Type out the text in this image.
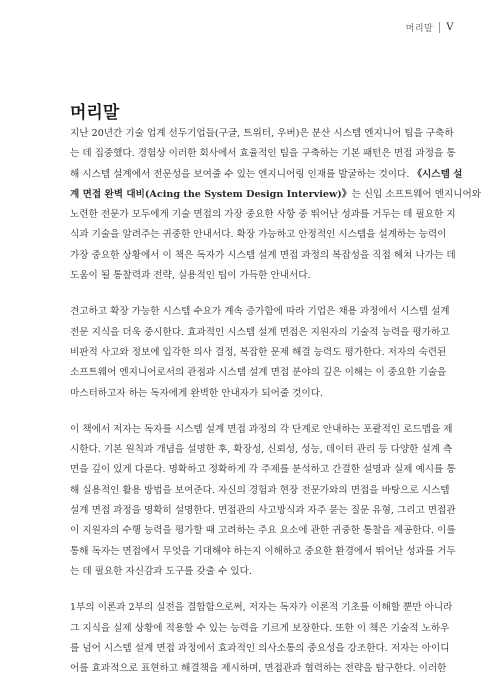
머리말 V
머리말
지난 20년간 기술 업계 선두기업들(구글, 트위터, 우버)은 분산 시스템 엔지니어 팀을 구축하
는 데 집중했다. 경험상 이러한 회사에서 효율적인 팀을 구축하는 기본 패턴은 면접 과정을 통
해 시스템 설계에서 전문성을 보여줄 수 있는 엔지니어링 인재를 발굴하는 것이다. 《시스템 설
계 면접 완벽 대비(Acing the System Design Interview)》는 신입 소프트웨어 엔지니어와
노련한 전문가 모두에게 기술 면접의 가장 중요한 사항 중 뛰어난 성과를 거두는 데 필요한 지
식과 기술을 알려주는 귀중한 안내서다. 확장 가능하고 안정적인 시스템을 설계하는 능력이
가장 중요한 상황에서 이 책은 독자가 시스템 설계 면접 과정의 복잡성을 직접 헤쳐 나가는 데
도움이 될 통찰력과 전략, 실용적인 팁이 가득한 안내서다.
견고하고 확장 가능한 시스템 수요가 계속 증가함에 따라 기업은 채용 과정에서 시스템 설계
전문 지식을 더욱 중시한다. 효과적인 시스템 설계 면접은 지원자의 기술적 능력을 평가하고
비판적 사고와 정보에 입각한 의사 결정, 복잡한 문제 해결 능력도 평가한다. 저자의 숙련된
소프트웨어 엔지니어로서의 관점과 시스템 설계 면접 분야의 깊은 이해는 이 중요한 기술을
마스터하고자 하는 독자에게 완벽한 안내자가 되어줄 것이다.
이 책에서 저자는 독자를 시스템 설계 면접 과정의 각 단계로 안내하는 포괄적인 로드맵을 제
시한다. 기본 원칙과 개념을 설명한 후, 확장성, 신뢰성, 성능, 데이터 관리 등 다양한 설계 측
면을 깊이 있게 다룬다. 명확하고 정확하게 각 주제를 분석하고 간결한 설명과 실제 예시를 통
해 실용적인 활용 방법을 보여준다. 자신의 경험과 현장 전문가와의 면접을 바탕으로 시스템
설계 면접 과정을 명확히 설명한다. 면접관의 사고방식과 자주 묻는 질문 유형, 그리고 면접관
이 지원자의 수행 능력을 평가할 때 고려하는 주요 요소에 관한 귀중한 통찰을 제공한다. 이를
통해 독자는 면접에서 무엇을 기대해야 하는지 이해하고 중요한 환경에서 뛰어난 성과를 거두
는 데 필요한 자신감과 도구를 갖출 수 있다.
1부의 이론과 2부의 실전을 결합함으로써, 저자는 독자가 이론적 기초를 이해할 뿐만 아니라
그 지식을 실제 상황에 적용할 수 있는 능력을 기르게 보장한다. 또한 이 책은 기술적 노하우
를 넘어 시스템 설계 면접 과정에서 효과적인 의사소통의 중요성을 강조한다. 저자는 아이디
어를 효과적으로 표현하고 해결책을 제시하며, 면접관과 협력하는 전략을 탐구한다. 이러한
